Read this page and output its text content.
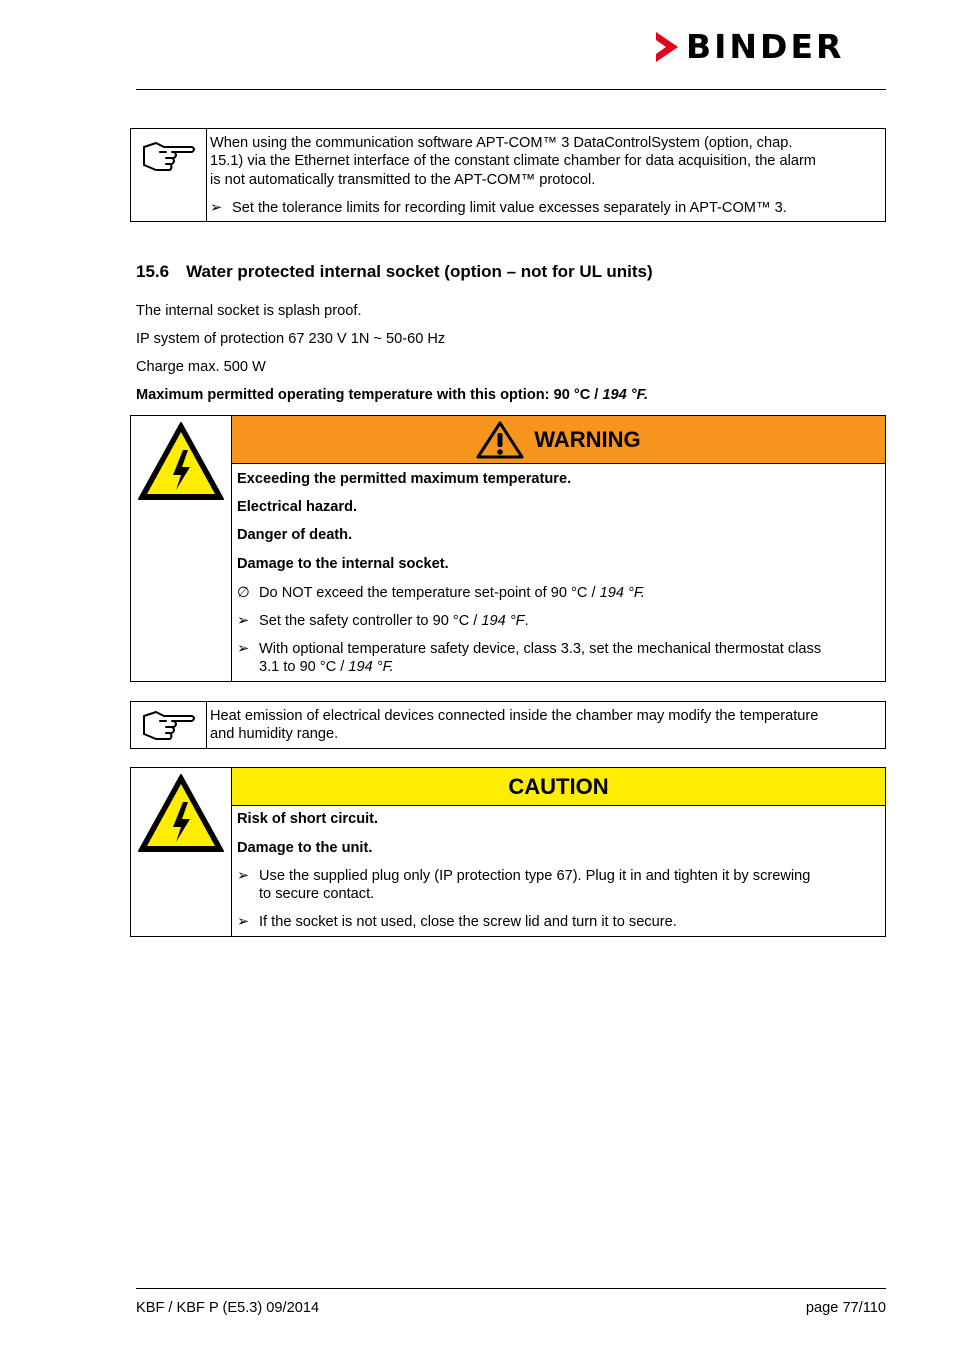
BINDER
When using the communication software APT-COM™ 3 DataControlSystem (option, chap.
15.1) via the Ethernet interface of the constant climate chamber for data acquisition, the alarm
is not automatically transmitted to the APT-COM™ protocol.
➢ Set the tolerance limits for recording limit value excesses separately in APT-COM™ 3.
15.6 Water protected internal socket (option – not for UL units)
The internal socket is splash proof.
IP system of protection 67 230 V 1N ~ 50-60 Hz
Charge max. 500 W
Maximum permitted operating temperature with this option: 90 °C / 194 °F.
WARNING
Exceeding the permitted maximum temperature.
Electrical hazard.
Danger of death.
Damage to the internal socket.
∅ Do NOT exceed the temperature set-point of 90 °C / 194 °F.
➢ Set the safety controller to 90 °C / 194 °F.
➢ With optional temperature safety device, class 3.3, set the mechanical thermostat class
3.1 to 90 °C / 194 °F.
Heat emission of electrical devices connected inside the chamber may modify the temperature
and humidity range.
CAUTION
Risk of short circuit.
Damage to the unit.
➢ Use the supplied plug only (IP protection type 67). Plug it in and tighten it by screwing
to secure contact.
➢ If the socket is not used, close the screw lid and turn it to secure.
KBF / KBF P (E5.3) 09/2014	page 77/110
